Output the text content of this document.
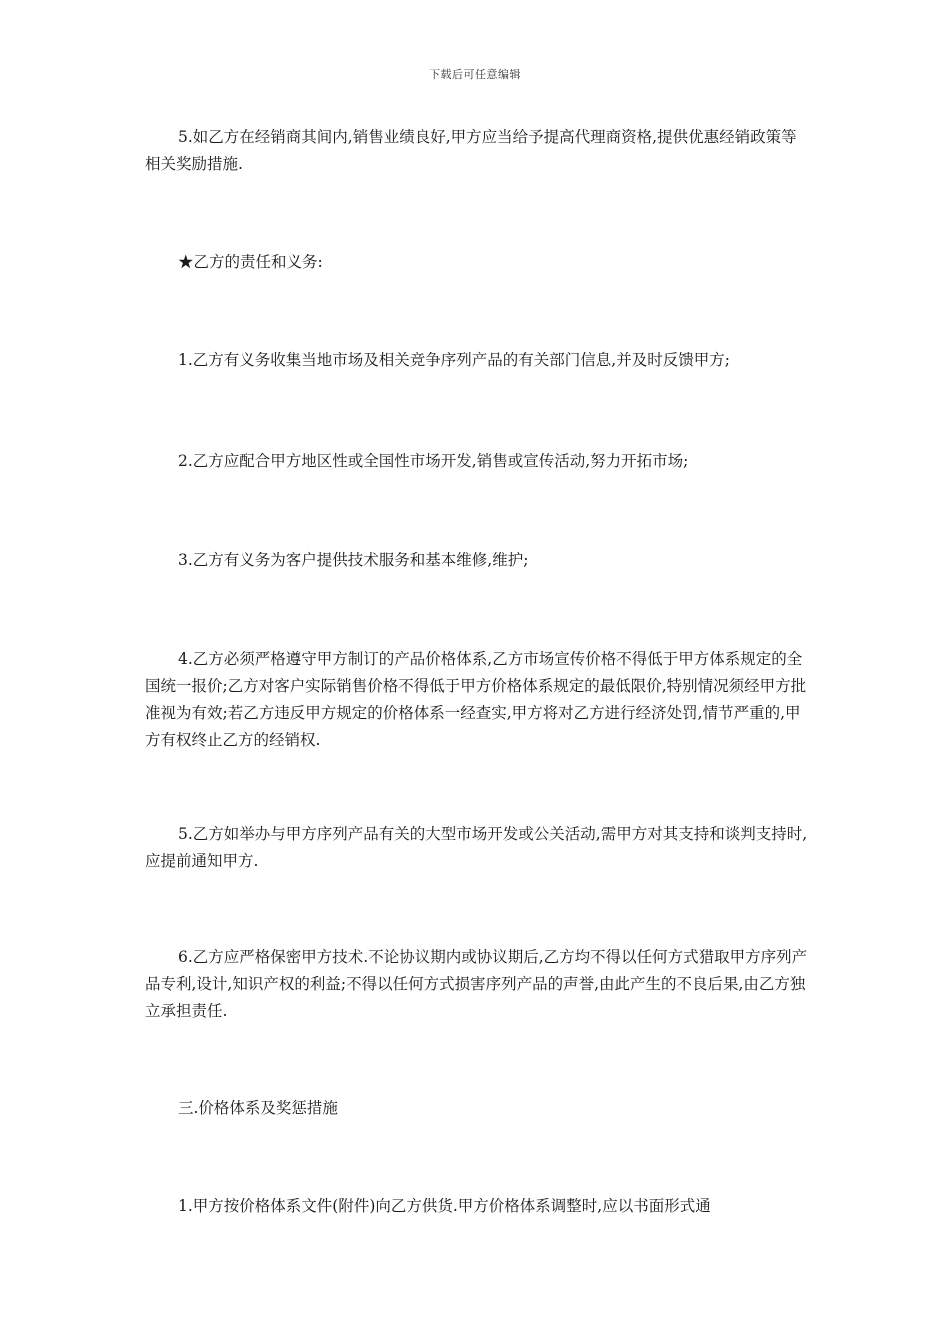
下载后可任意编辑

5.如乙方在经销商其间内,销售业绩良好,甲方应当给予提高代理商资格,提供优惠经销政策等相关奖励措施.

★乙方的责任和义务:

1.乙方有义务收集当地市场及相关竞争序列产品的有关部门信息,并及时反馈甲方;

2.乙方应配合甲方地区性或全国性市场开发,销售或宣传活动,努力开拓市场;

3.乙方有义务为客户提供技术服务和基本维修,维护;

4.乙方必须严格遵守甲方制订的产品价格体系,乙方市场宣传价格不得低于甲方体系规定的全国统一报价;乙方对客户实际销售价格不得低于甲方价格体系规定的最低限价,特别情况须经甲方批准视为有效;若乙方违反甲方规定的价格体系一经查实,甲方将对乙方进行经济处罚,情节严重的,甲方有权终止乙方的经销权.

5.乙方如举办与甲方序列产品有关的大型市场开发或公关活动,需甲方对其支持和谈判支持时,应提前通知甲方.

6.乙方应严格保密甲方技术.不论协议期内或协议期后,乙方均不得以任何方式猎取甲方序列产品专利,设计,知识产权的利益;不得以任何方式损害序列产品的声誉,由此产生的不良后果,由乙方独立承担责任.

三.价格体系及奖惩措施

1.甲方按价格体系文件(附件)向乙方供货.甲方价格体系调整时,应以书面形式通
